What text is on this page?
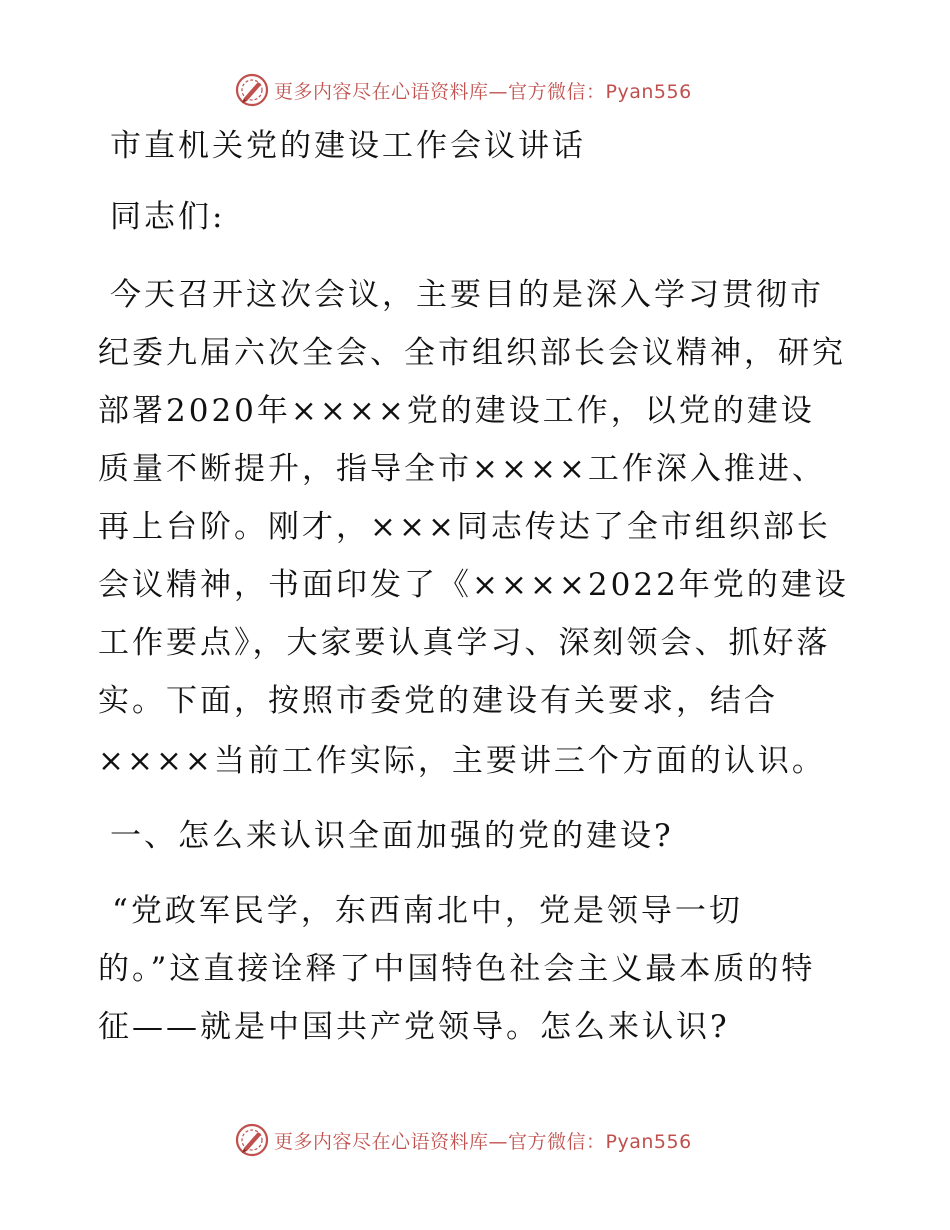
更多内容尽在心语资料库—官方微信：Pyan556
市直机关党的建设工作会议讲话
同志们:
今天召开这次会议，主要目的是深入学习贯彻市
纪委九届六次全会、全市组织部长会议精神，研究
部署2020年××××党的建设工作，以党的建设
质量不断提升，指导全市××××工作深入推进、
再上台阶。刚才，×××同志传达了全市组织部长
会议精神，书面印发了《××××2022年党的建设
工作要点》，大家要认真学习、深刻领会、抓好落
实。下面，按照市委党的建设有关要求，结合
××××当前工作实际，主要讲三个方面的认识。
一、怎么来认识全面加强的党的建设?
“党政军民学，东西南北中，党是领导一切
的。”这直接诠释了中国特色社会主义最本质的特
征——就是中国共产党领导。怎么来认识?
更多内容尽在心语资料库—官方微信：Pyan556
